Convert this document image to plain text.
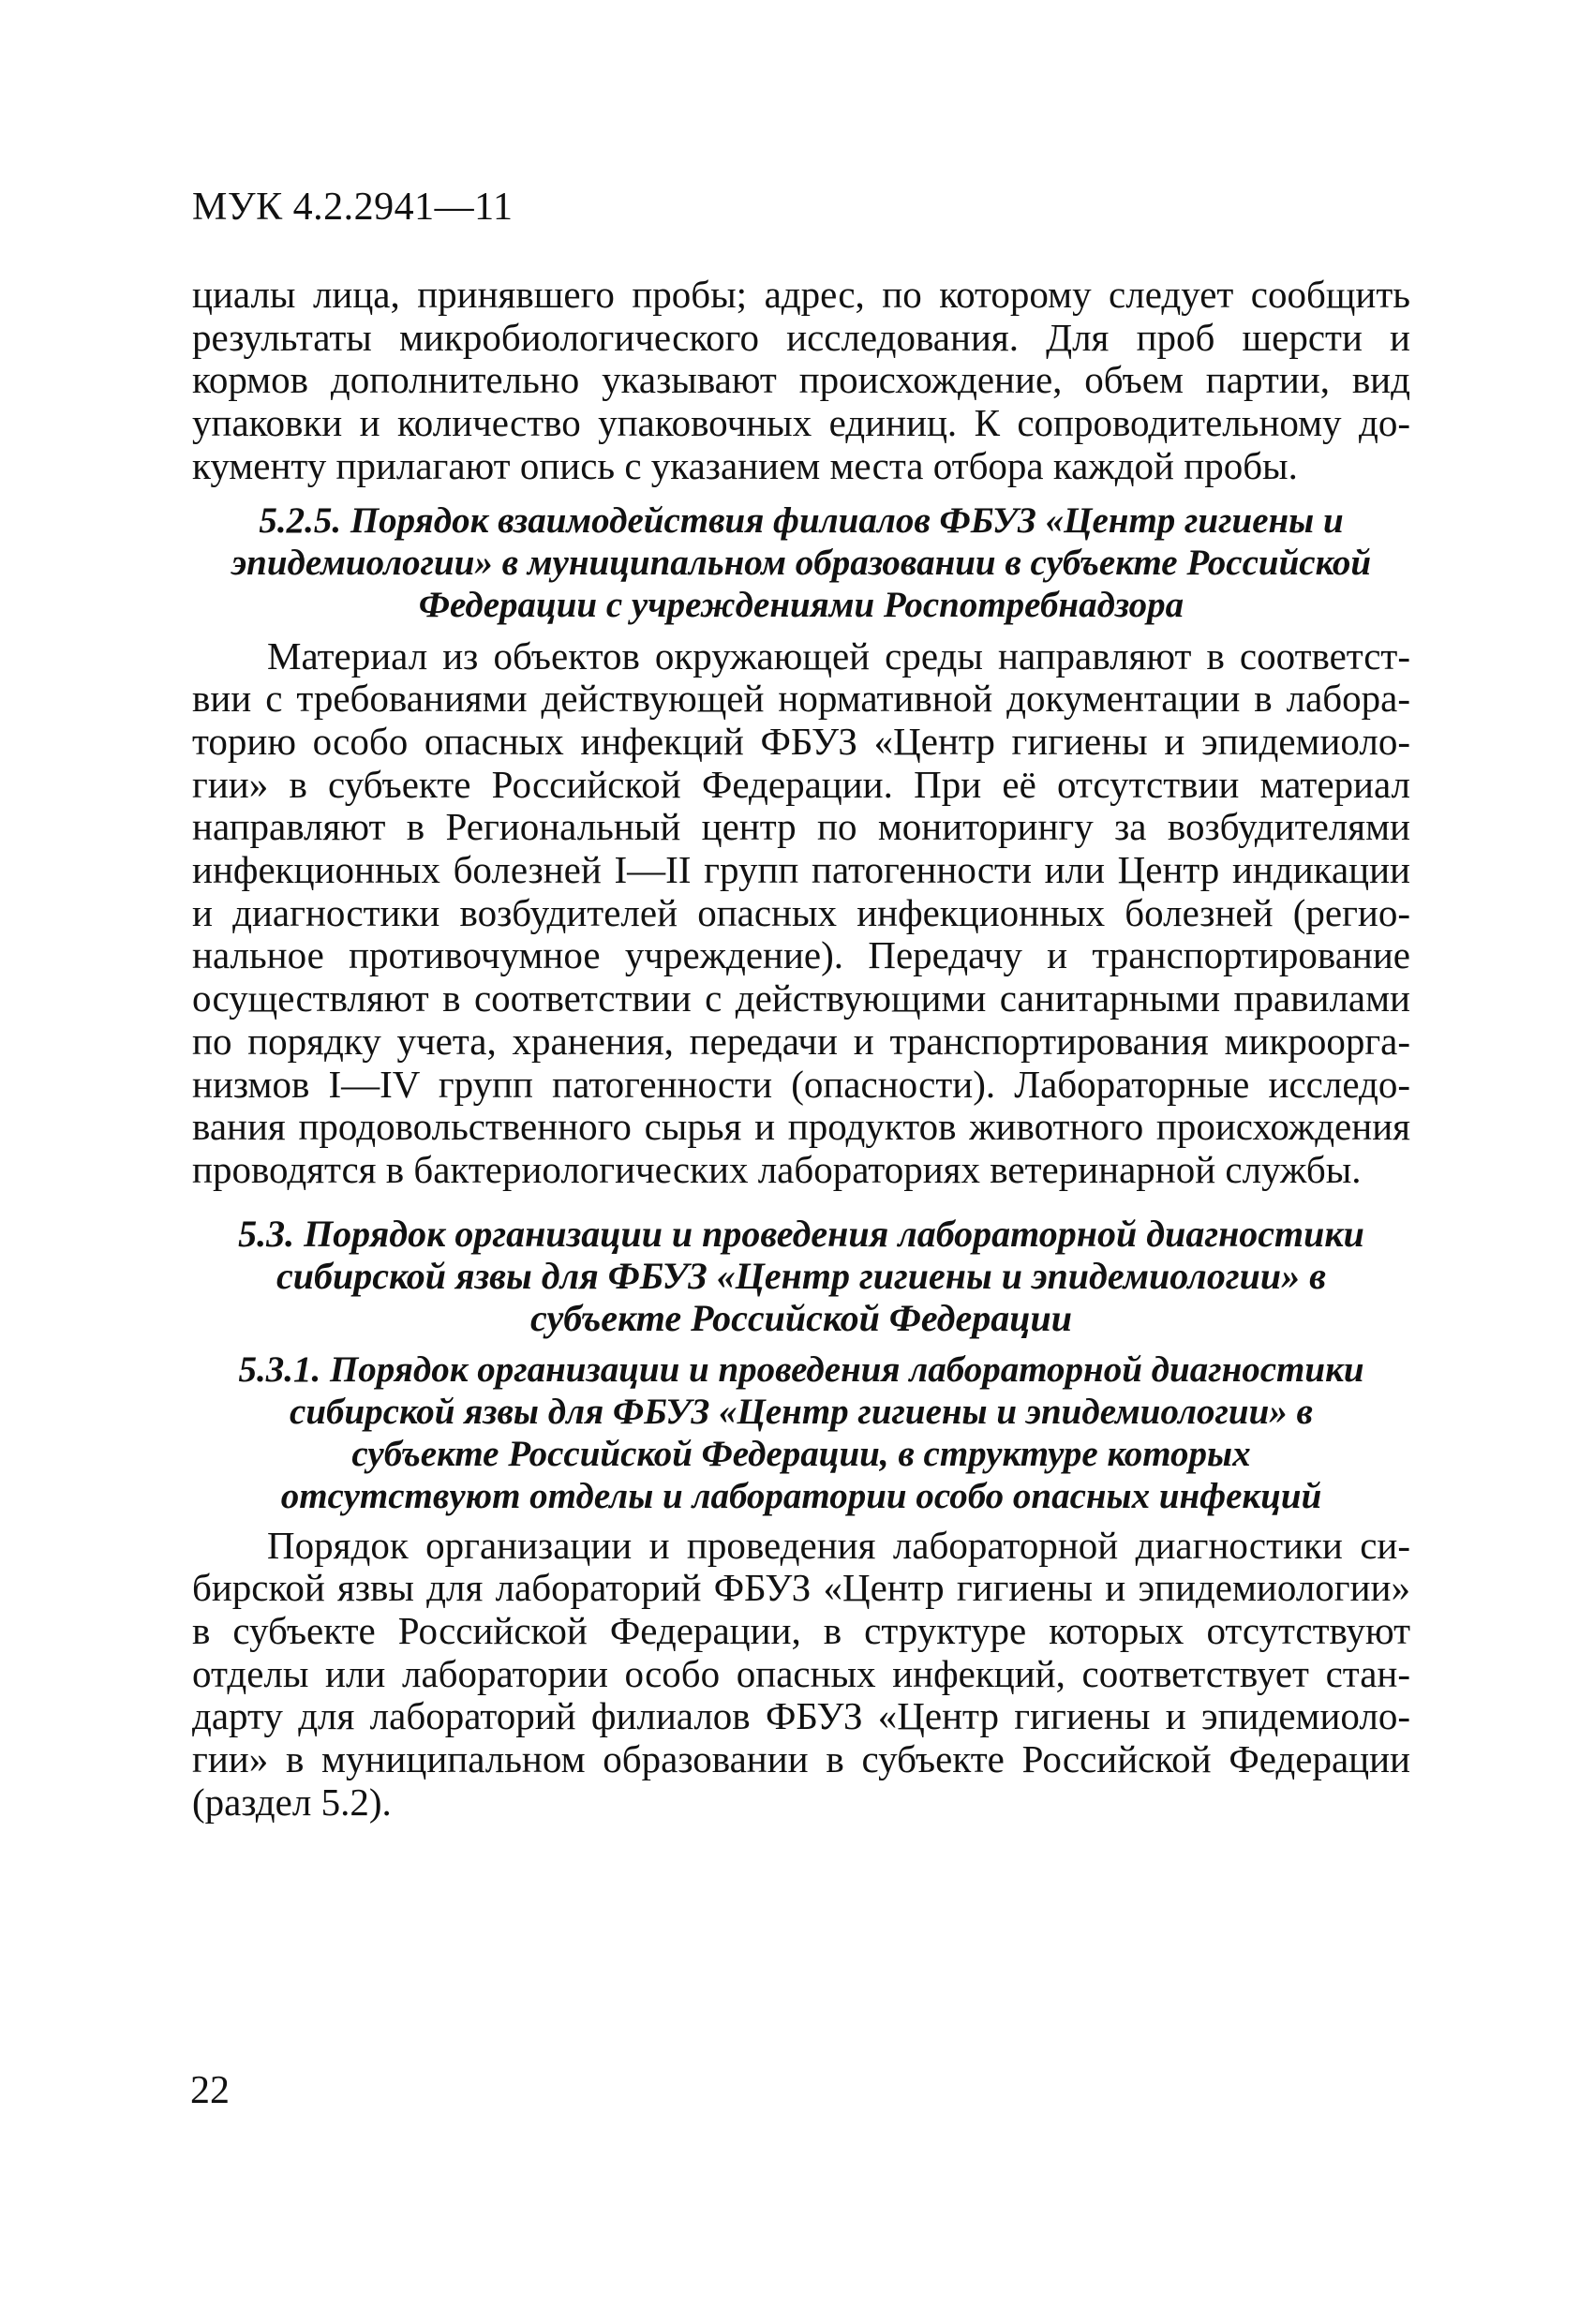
МУК 4.2.2941—11

циалы лица, принявшего пробы; адрес, по которому следует сообщить результаты микробиологического исследования. Для проб шерсти и кормов дополнительно указывают происхождение, объем партии, вид упаковки и количество упаковочных единиц. К сопроводительному документу прилагают опись с указанием места отбора каждой пробы.

5.2.5. Порядок взаимодействия филиалов ФБУЗ «Центр гигиены и эпидемиологии» в муниципальном образовании в субъекте Российской Федерации с учреждениями Роспотребнадзора

Материал из объектов окружающей среды направляют в соответствии с требованиями действующей нормативной документации в лабораторию особо опасных инфекций ФБУЗ «Центр гигиены и эпидемиологии» в субъекте Российской Федерации. При её отсутствии материал направляют в Региональный центр по мониторингу за возбудителями инфекционных болезней I—II групп патогенности или Центр индикации и диагностики возбудителей опасных инфекционных болезней (региональное противочумное учреждение). Передачу и транспортирование осуществляют в соответствии с действующими санитарными правилами по порядку учета, хранения, передачи и транспортирования микроорганизмов I—IV групп патогенности (опасности). Лабораторные исследования продовольственного сырья и продуктов животного происхождения проводятся в бактериологических лабораториях ветеринарной службы.

5.3. Порядок организации и проведения лабораторной диагностики сибирской язвы для ФБУЗ «Центр гигиены и эпидемиологии» в субъекте Российской Федерации
5.3.1. Порядок организации и проведения лабораторной диагностики сибирской язвы для ФБУЗ «Центр гигиены и эпидемиологии» в субъекте Российской Федерации, в структуре которых отсутствуют отделы и лаборатории особо опасных инфекций

Порядок организации и проведения лабораторной диагностики сибирской язвы для лабораторий ФБУЗ «Центр гигиены и эпидемиологии» в субъекте Российской Федерации, в структуре которых отсутствуют отделы или лаборатории особо опасных инфекций, соответствует стандарту для лабораторий филиалов ФБУЗ «Центр гигиены и эпидемиологии» в муниципальном образовании в субъекте Российской Федерации (раздел 5.2).

22
